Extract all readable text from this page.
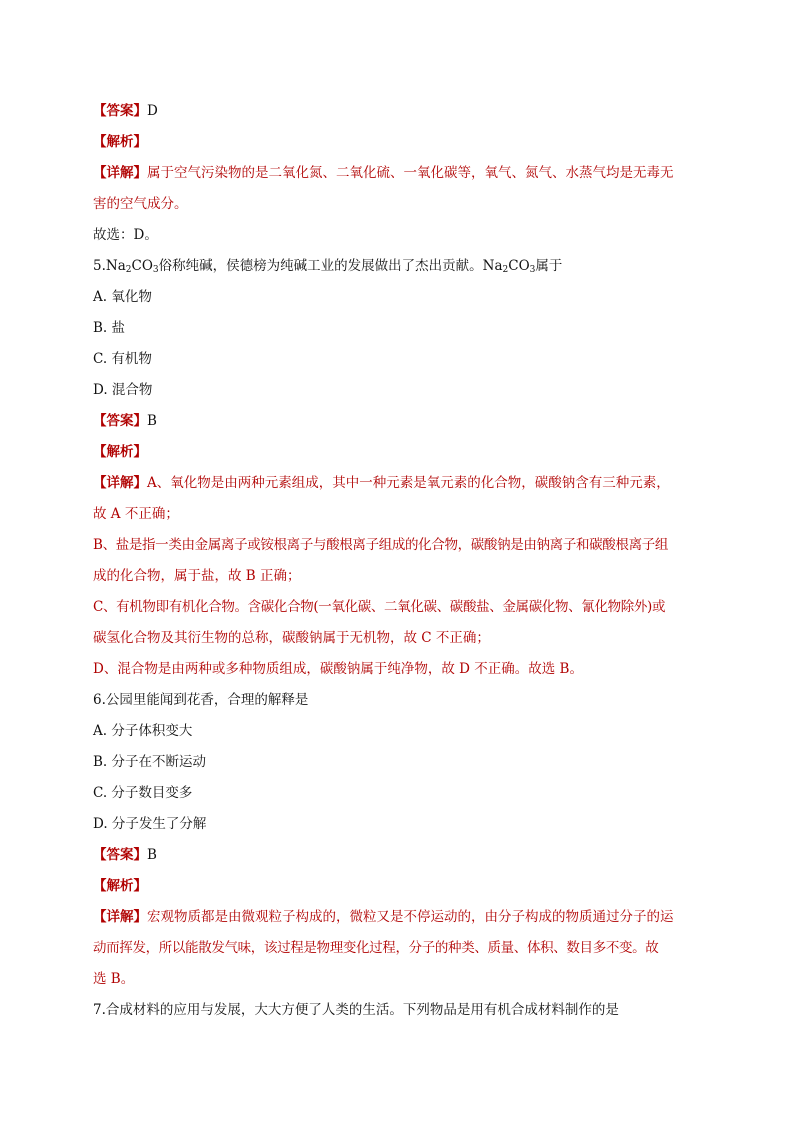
【答案】D
【解析】
【详解】属于空气污染物的是二氧化氮、二氧化硫、一氧化碳等，氧气、氮气、水蒸气均是无毒无
害的空气成分。
故选：D。
$5.Na_2CO_3$俗称纯碱，侯德榜为纯碱工业的发展做出了杰出贡献。$Na_2CO_3$属于
A. 氧化物
B. 盐
C. 有机物
D. 混合物
【答案】B
【解析】
【详解】A、氧化物是由两种元素组成，其中一种元素是氧元素的化合物，碳酸钠含有三种元素，
故 A 不正确；
B、盐是指一类由金属离子或铵根离子与酸根离子组成的化合物，碳酸钠是由钠离子和碳酸根离子组
成的化合物，属于盐，故 B 正确；
C、有机物即有机化合物。含碳化合物(一氧化碳、二氧化碳、碳酸盐、金属碳化物、氰化物除外)或
碳氢化合物及其衍生物的总称，碳酸钠属于无机物，故 C 不正确；
D、混合物是由两种或多种物质组成，碳酸钠属于纯净物，故 D 不正确。故选 B。
6.公园里能闻到花香，合理的解释是
A. 分子体积变大
B. 分子在不断运动
C. 分子数目变多
D. 分子发生了分解
【答案】B
【解析】
【详解】宏观物质都是由微观粒子构成的，微粒又是不停运动的，由分子构成的物质通过分子的运
动而挥发，所以能散发气味，该过程是物理变化过程，分子的种类、质量、体积、数目多不变。故
选 B。
7.合成材料的应用与发展，大大方便了人类的生活。下列物品是用有机合成材料制作的是
